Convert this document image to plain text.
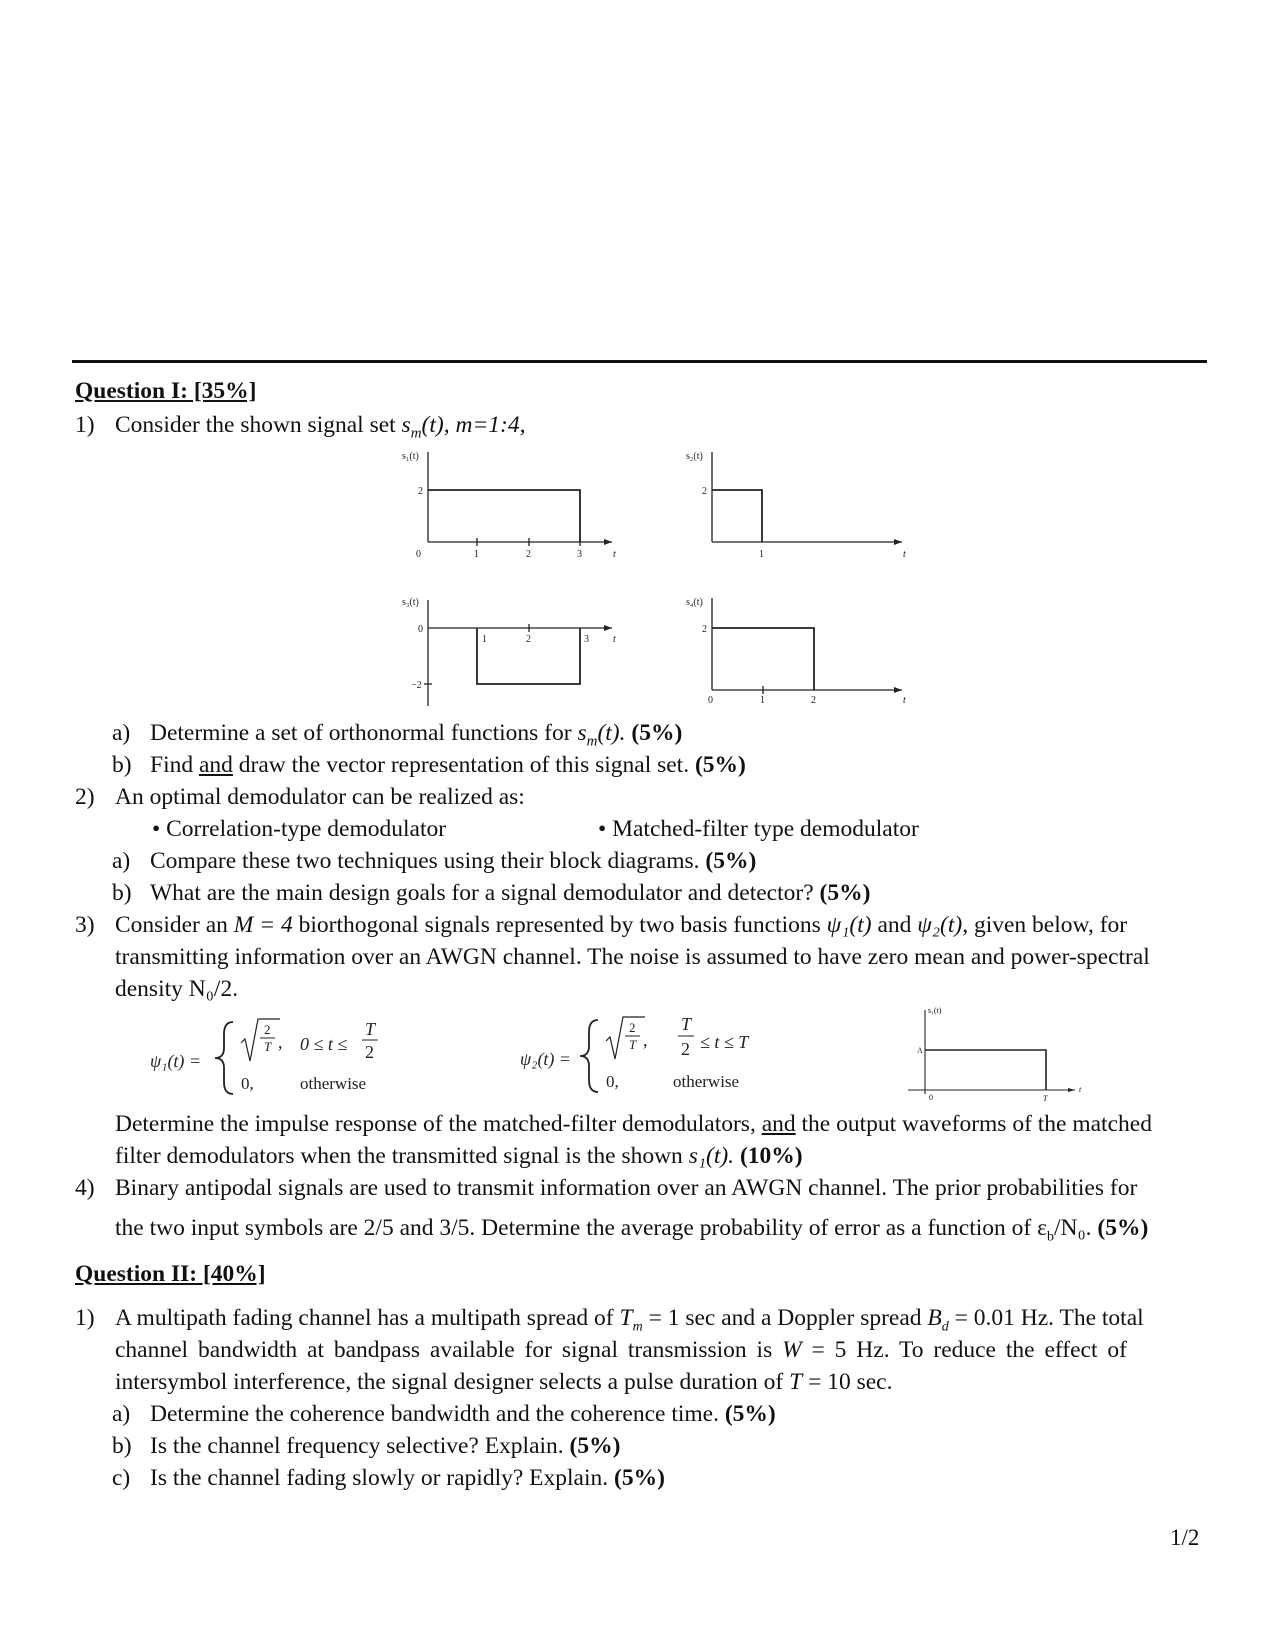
Question I: [35%]
1) Consider the shown signal set $s_m(t)$, m=1:4,
s₁(t)
2
0	1	2	3	t
s₂(t)
2
1	t
s₃(t)
0
−2
1	2	3 t
s₄(t)
2
0	1	2	t
a) Determine a set of orthonormal functions for $s_m(t)$. (5%)
b) Find and draw the vector representation of this signal set. (5%)
2) An optimal demodulator can be realized as:
• Correlation-type demodulator	• Matched-filter type demodulator
a) Compare these two techniques using their block diagrams. (5%)
b) What are the main design goals for a signal demodulator and detector? (5%)
3) Consider an M = 4 biorthogonal signals represented by two basis functions ψ₁(t) and ψ₂(t), given below, for
transmitting information over an AWGN channel. The noise is assumed to have zero mean and power-spectral
density N₀/2.
ψ₁(t) =
2
T , 0 ≤ t ≤
T
2
0,	otherwise
ψ₂(t) =
2
T ,
T
2 ≤ t ≤ T
0,	otherwise
s₁(t)
A
0	T
t
Determine the impulse response of the matched-filter demodulators, and the output waveforms of the matched
filter demodulators when the transmitted signal is the shown s₁(t). (10%)
4) Binary antipodal signals are used to transmit information over an AWGN channel. The prior probabilities for
the two input symbols are 2/5 and 3/5. Determine the average probability of error as a function of ɛ$_b$/N₀. (5%)
Question II: [40%]
1) A multipath fading channel has a multipath spread of $T_m = 1$ sec and a Doppler spread $B_d = 0.01$ Hz. The total
channel bandwidth at bandpass available for signal transmission is W = 5 Hz. To reduce the effect of
intersymbol interference, the signal designer selects a pulse duration of T = 10 sec.
a) Determine the coherence bandwidth and the coherence time. (5%)
b) Is the channel frequency selective? Explain. (5%)
c) Is the channel fading slowly or rapidly? Explain. (5%)
1/2
